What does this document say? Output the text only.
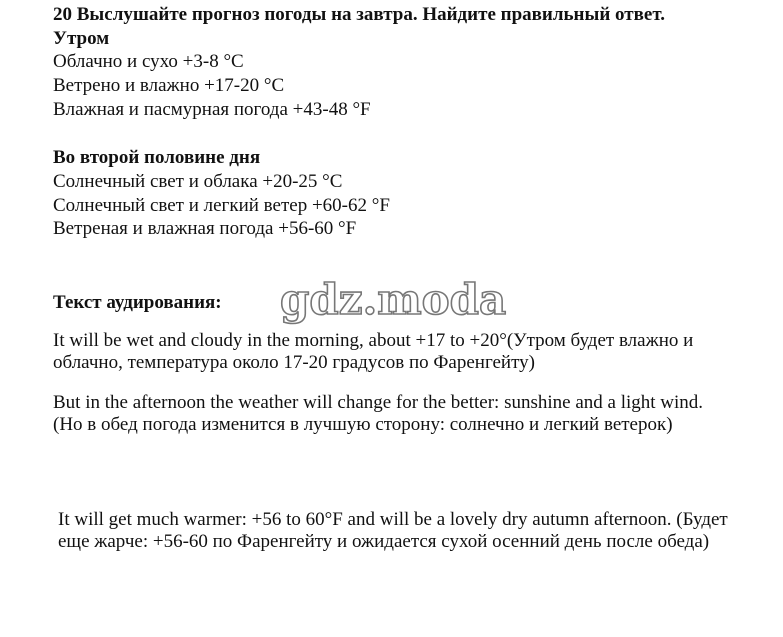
20 Выслушайте прогноз погоды на завтра. Найдите правильный ответ.
Утром
Облачно и сухо +3-8 °C
Ветрено и влажно +17-20 °C
Влажная и пасмурная погода +43-48 °F
Во второй половине дня
Солнечный свет и облака +20-25 °C
Солнечный свет и легкий ветер +60-62 °F
Ветреная и влажная погода +56-60 °F
Текст аудирования: gdz.moda
It will be wet and cloudy in the morning, about +17 to +20°(Утром будет влажно и облачно, температура около 17-20 градусов по Фаренгейту)
But in the afternoon the weather will change for the better: sunshine and a light wind. (Но в обед погода изменится в лучшую сторону: солнечно и легкий ветерок)
It will get much warmer: +56 to 60°F and will be a lovely dry autumn afternoon. (Будет еще жарче: +56-60 по Фаренгейту и ожидается сухой осенний день после обеда)
